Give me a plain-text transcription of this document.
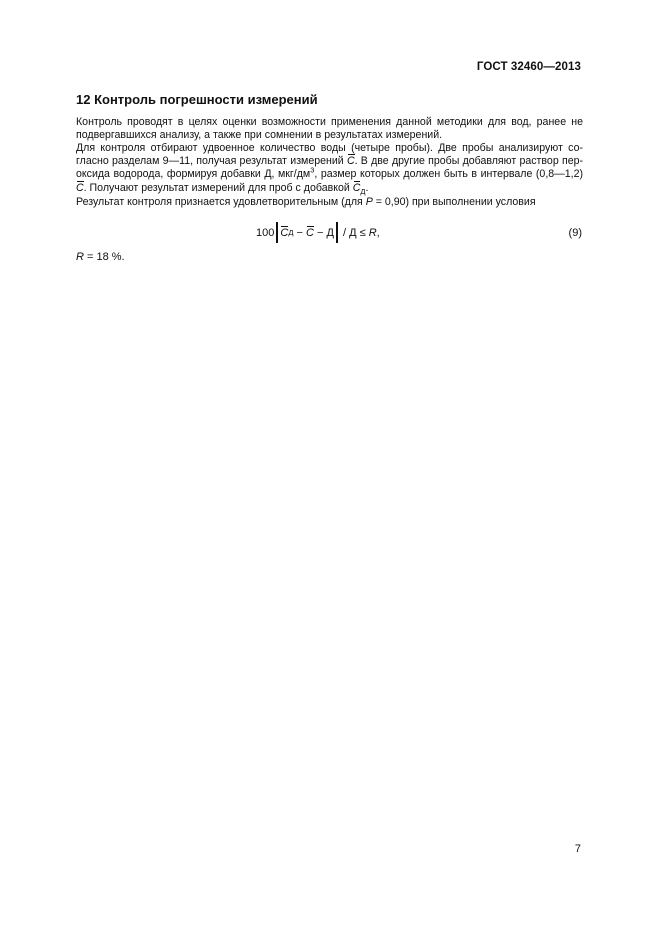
ГОСТ 32460—2013
12 Контроль погрешности измерений

Контроль проводят в целях оценки возможности применения данной методики для вод, ранее не подвергавшихся анализу, а также при сомнении в результатах измерений.

Для контроля отбирают удвоенное количество воды (четыре пробы). Две пробы анализируют со-гласно разделам 9—11, получая результат измерений C. В две другие пробы добавляют раствор пер-оксида водорода, формируя добавки Д, мкг/$дм^3$, размер которых должен быть в интервале (0,8—1,2) C. Получают результат измерений для проб с добавкой $C_Д$.

Результат контроля признается удовлетворительным (для P = 0,90) при выполнении условия

100 C Д − C − Д / Д ≤ R ,	(9)
R = 18 %.
7
